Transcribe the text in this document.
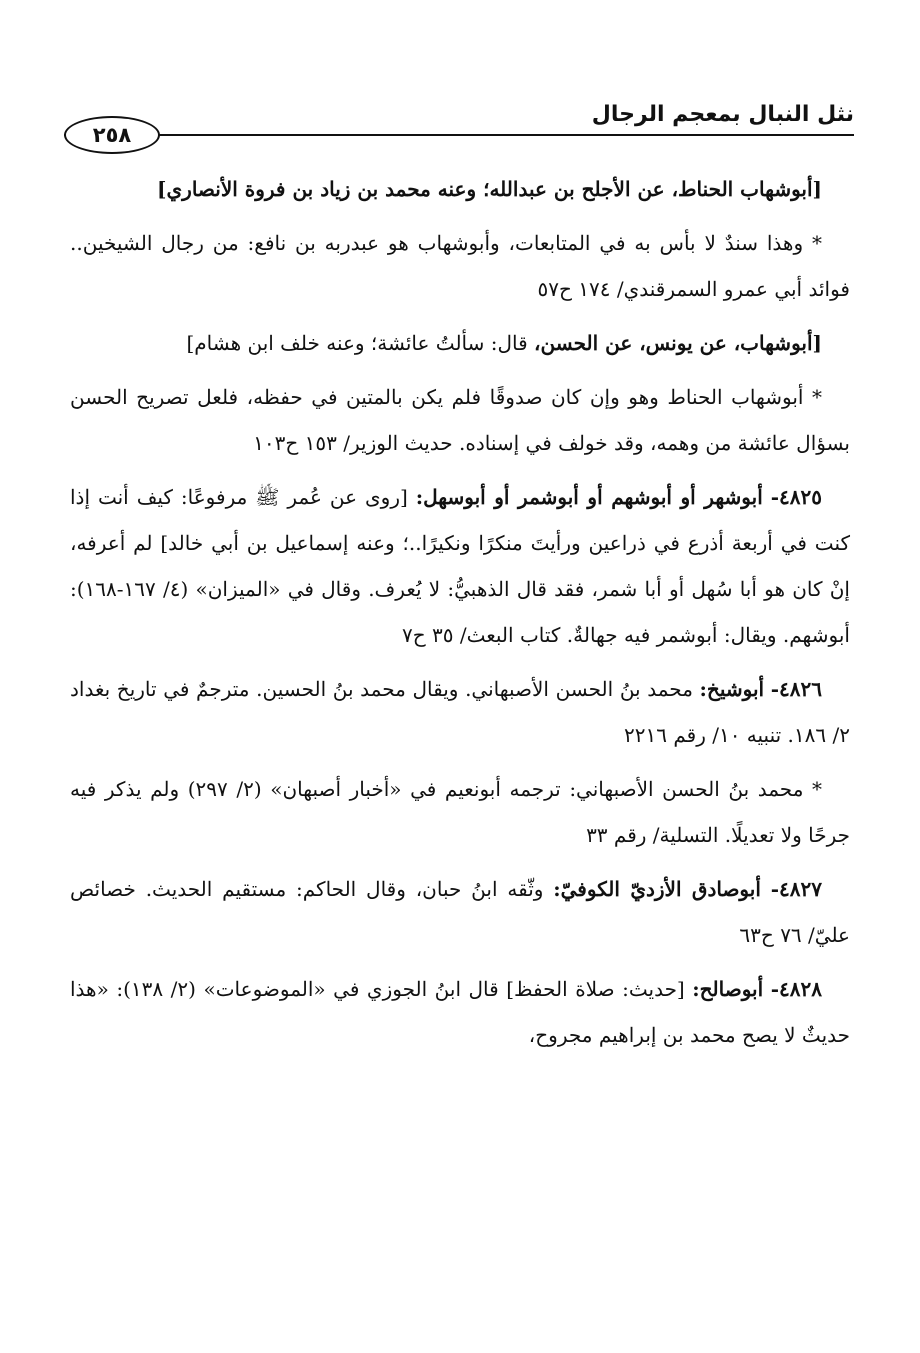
نثل النبال بمعجم الرجال
٢٥٨

[أبوشهاب الحناط، عن الأجلح بن عبدالله؛ وعنه محمد بن زياد بن فروة الأنصاري]

* وهذا سندٌ لا بأس به في المتابعات، وأبوشهاب هو عبدربه بن نافع: من رجال الشيخين.. فوائد أبي عمرو السمرقندي/ ١٧٤ ح٥٧

[أبوشهاب، عن يونس، عن الحسن، قال: سألتُ عائشة؛ وعنه خلف ابن هشام]

* أبوشهاب الحناط وهو وإن كان صدوقًا فلم يكن بالمتين في حفظه، فلعل تصريح الحسن بسؤال عائشة من وهمه، وقد خولف في إسناده. حديث الوزير/ ١٥٣ ح١٠٣

٤٨٢٥- أبوشهر أو أبوشهم أو أبوشمر أو أبوسهل: [روى عن عُمر ﷺ مرفوعًا: كيف أنت إذا كنت في أربعة أذرع في ذراعين ورأيتَ منكرًا ونكيرًا..؛ وعنه إسماعيل بن أبي خالد] لم أعرفه، إنْ كان هو أبا سُهل أو أبا شمر، فقد قال الذهبيُّ: لا يُعرف. وقال في «الميزان» (٤/ ١٦٧-١٦٨): أبوشهم. ويقال: أبوشمر فيه جهالةٌ. كتاب البعث/ ٣٥ ح٧

٤٨٢٦- أبوشيخ: محمد بنُ الحسن الأصبهاني. ويقال محمد بنُ الحسين. مترجمٌ في تاريخ بغداد ٢/ ١٨٦. تنبيه ١٠/ رقم ٢٢١٦

* محمد بنُ الحسن الأصبهاني: ترجمه أبونعيم في «أخبار أصبهان» (٢/ ٢٩٧) ولم يذكر فيه جرحًا ولا تعديلًا. التسلية/ رقم ٣٣

٤٨٢٧- أبوصادق الأزديّ الكوفيّ: وثّقه ابنُ حبان، وقال الحاكم: مستقيم الحديث. خصائص عليّ/ ٧٦ ح٦٣

٤٨٢٨- أبوصالح: [حديث: صلاة الحفظ] قال ابنُ الجوزي في «الموضوعات» (٢/ ١٣٨): «هذا حديثٌ لا يصح محمد بن إبراهيم مجروح،
